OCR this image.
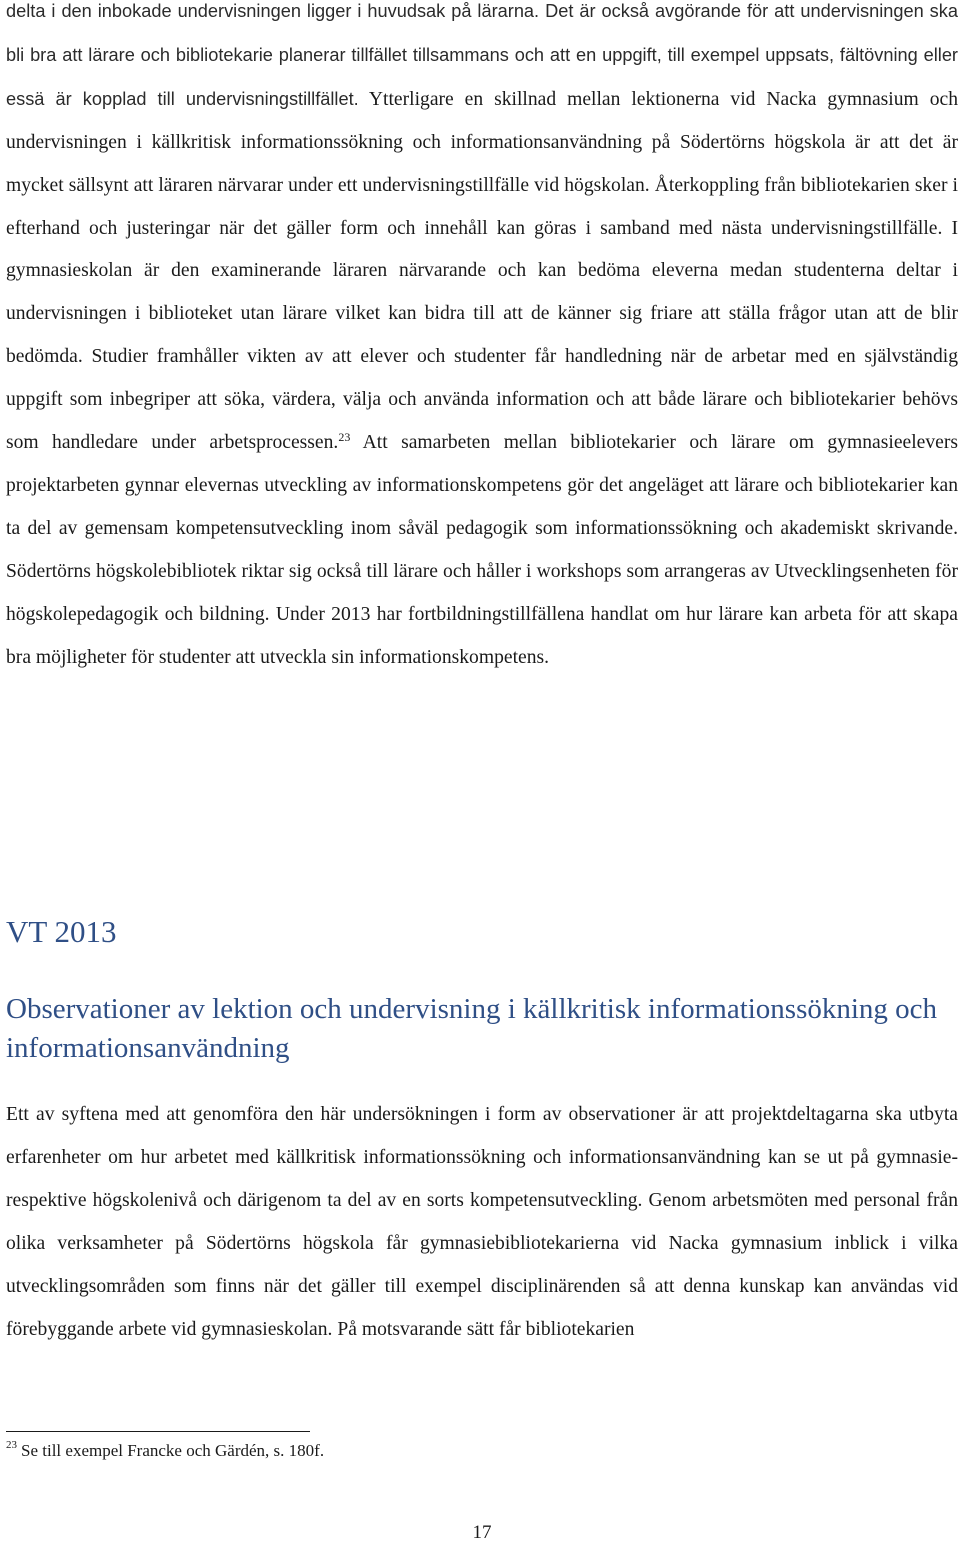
delta i den inbokade undervisningen ligger i huvudsak på lärarna. Det är också avgörande för att undervisningen ska bli bra att lärare och bibliotekarie planerar tillfället tillsammans och att en uppgift, till exempel uppsats, fältövning eller essä är kopplad till undervisningstillfället. Ytterligare en skillnad mellan lektionerna vid Nacka gymnasium och undervisningen i källkritisk informationssökning och informationsanvändning på Södertörns högskola är att det är mycket sällsynt att läraren närvarar under ett undervisningstillfälle vid högskolan. Återkoppling från bibliotekarien sker i efterhand och justeringar när det gäller form och innehåll kan göras i samband med nästa undervisningstillfälle. I gymnasieskolan är den examinerande läraren närvarande och kan bedöma eleverna medan studenterna deltar i undervisningen i biblioteket utan lärare vilket kan bidra till att de känner sig friare att ställa frågor utan att de blir bedömda. Studier framhåller vikten av att elever och studenter får handledning när de arbetar med en självständig uppgift som inbegriper att söka, värdera, välja och använda information och att både lärare och bibliotekarier behövs som handledare under arbetsprocessen.$^{23}$ Att samarbeten mellan bibliotekarier och lärare om gymnasieelevers projektarbeten gynnar elevernas utveckling av informationskompetens gör det angeläget att lärare och bibliotekarier kan ta del av gemensam kompetensutveckling inom såväl pedagogik som informationssökning och akademiskt skrivande. Södertörns högskolebibliotek riktar sig också till lärare och håller i workshops som arrangeras av Utvecklingsenheten för högskolepedagogik och bildning. Under 2013 har fortbildningstillfällena handlat om hur lärare kan arbeta för att skapa bra möjligheter för studenter att utveckla sin informationskompetens.

VT 2013
Observationer av lektion och undervisning i källkritisk informationssökning och informationsanvändning

Ett av syftena med att genomföra den här undersökningen i form av observationer är att projektdeltagarna ska utbyta erfarenheter om hur arbetet med källkritisk informationssökning och informationsanvändning kan se ut på gymnasie- respektive högskolenivå och därigenom ta del av en sorts kompetensutveckling. Genom arbetsmöten med personal från olika verksamheter på Södertörns högskola får gymnasiebibliotekarierna vid Nacka gymnasium inblick i vilka utvecklingsområden som finns när det gäller till exempel disciplinärenden så att denna kunskap kan användas vid förebyggande arbete vid gymnasieskolan. På motsvarande sätt får bibliotekarien

$^{23}$ Se till exempel Francke och Gärdén, s. 180f.

17
